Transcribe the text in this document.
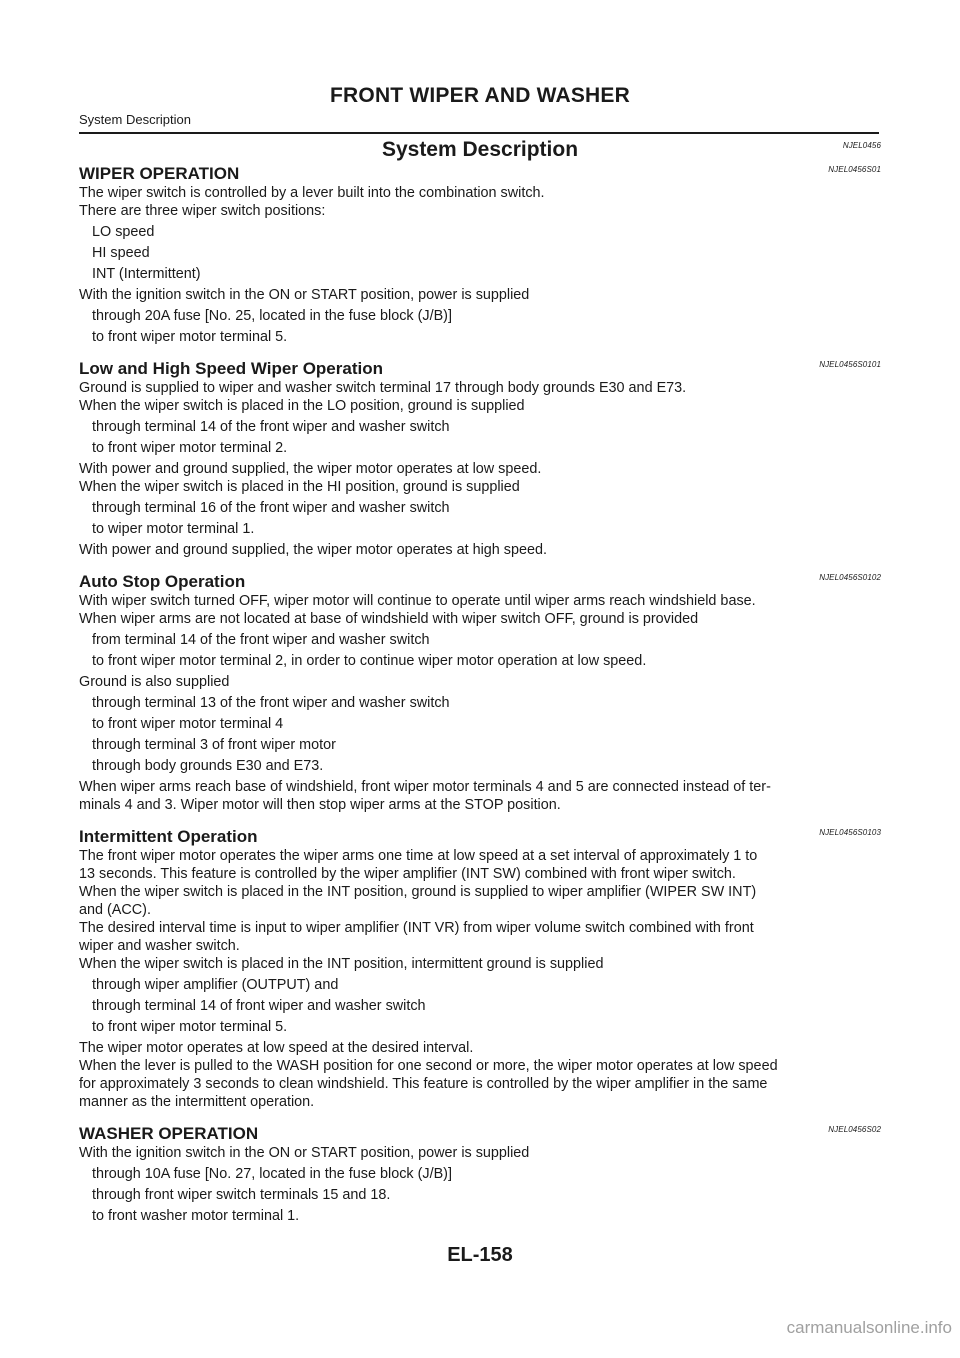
FRONT WIPER AND WASHER
System Description
System Description	NJEL0456
WIPER OPERATION	NJEL0456S01

The wiper switch is controlled by a lever built into the combination switch.

There are three wiper switch positions:

LO speed

HI speed

INT (Intermittent)

With the ignition switch in the ON or START position, power is supplied

through 20A fuse [No. 25, located in the fuse block (J/B)]

to front wiper motor terminal 5.

Low and High Speed Wiper Operation	NJEL0456S0101

Ground is supplied to wiper and washer switch terminal 17 through body grounds E30 and E73.

When the wiper switch is placed in the LO position, ground is supplied

through terminal 14 of the front wiper and washer switch

to front wiper motor terminal 2.

With power and ground supplied, the wiper motor operates at low speed.

When the wiper switch is placed in the HI position, ground is supplied

through terminal 16 of the front wiper and washer switch

to wiper motor terminal 1.

With power and ground supplied, the wiper motor operates at high speed.

Auto Stop Operation	NJEL0456S0102

With wiper switch turned OFF, wiper motor will continue to operate until wiper arms reach windshield base.

When wiper arms are not located at base of windshield with wiper switch OFF, ground is provided

from terminal 14 of the front wiper and washer switch

to front wiper motor terminal 2, in order to continue wiper motor operation at low speed.

Ground is also supplied

through terminal 13 of the front wiper and washer switch

to front wiper motor terminal 4

through terminal 3 of front wiper motor

through body grounds E30 and E73.

When wiper arms reach base of windshield, front wiper motor terminals 4 and 5 are connected instead of ter-
minals 4 and 3. Wiper motor will then stop wiper arms at the STOP position.

Intermittent Operation	NJEL0456S0103

The front wiper motor operates the wiper arms one time at low speed at a set interval of approximately 1 to
13 seconds. This feature is controlled by the wiper amplifier (INT SW) combined with front wiper switch.

When the wiper switch is placed in the INT position, ground is supplied to wiper amplifier (WIPER SW INT)
and (ACC).

The desired interval time is input to wiper amplifier (INT VR) from wiper volume switch combined with front
wiper and washer switch.

When the wiper switch is placed in the INT position, intermittent ground is supplied

through wiper amplifier (OUTPUT) and

through terminal 14 of front wiper and washer switch

to front wiper motor terminal 5.

The wiper motor operates at low speed at the desired interval.

When the lever is pulled to the WASH position for one second or more, the wiper motor operates at low speed
for approximately 3 seconds to clean windshield. This feature is controlled by the wiper amplifier in the same
manner as the intermittent operation.

WASHER OPERATION	NJEL0456S02

With the ignition switch in the ON or START position, power is supplied

through 10A fuse [No. 27, located in the fuse block (J/B)]

through front wiper switch terminals 15 and 18.

to front washer motor terminal 1.

EL-158
carmanualsonline.info
